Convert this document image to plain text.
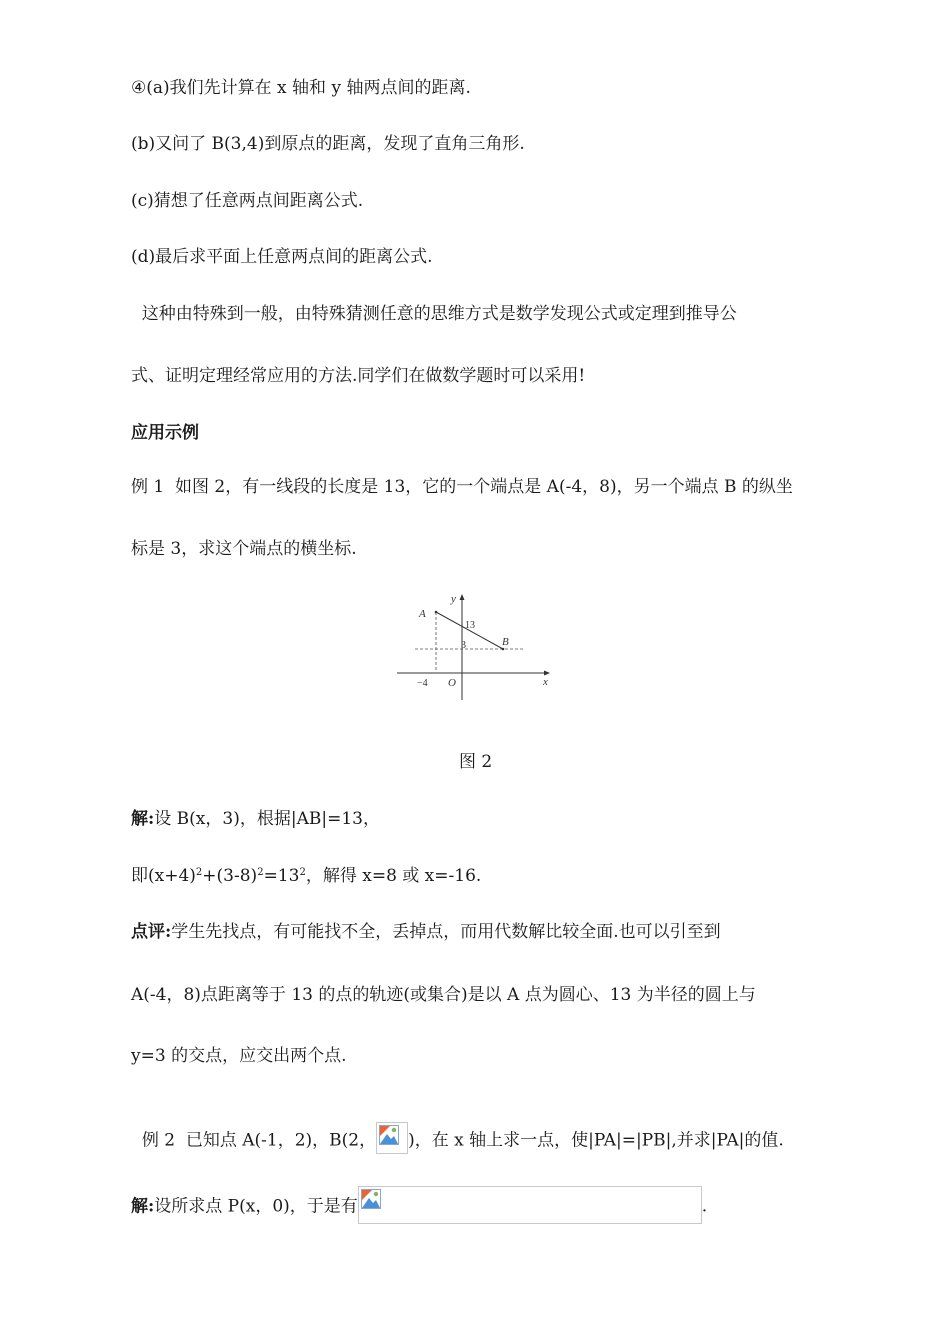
④(a)我们先计算在 x 轴和 y 轴两点间的距离.
(b)又问了 B(3,4)到原点的距离，发现了直角三角形.
(c)猜想了任意两点间距离公式.
(d)最后求平面上任意两点间的距离公式.
这种由特殊到一般，由特殊猜测任意的思维方式是数学发现公式或定理到推导公
式、证明定理经常应用的方法.同学们在做数学题时可以采用!
应用示例
例 1  如图 2，有一线段的长度是 13，它的一个端点是 A(-4，8)，另一个端点 B 的纵坐
标是 3，求这个端点的横坐标.
y
x
A
B
O
13
3
−4
图 2
解:设 B(x，3)，根据|AB|=13，
即$(x+4)^2+(3-8)^2=13^2$，解得 x=8 或 x=-16.
点评:学生先找点，有可能找不全，丢掉点，而用代数解比较全面.也可以引至到
A(-4，8)点距离等于 13 的点的轨迹(或集合)是以 A 点为圆心、13 为半径的圆上与
y=3 的交点，应交出两个点.

例 2  已知点 A(-1，2)，B(2，
)，在 x 轴上求一点，使|PA|=|PB|,并求|PA|的值.

解:设所求点 P(x，0)，于是有	.
